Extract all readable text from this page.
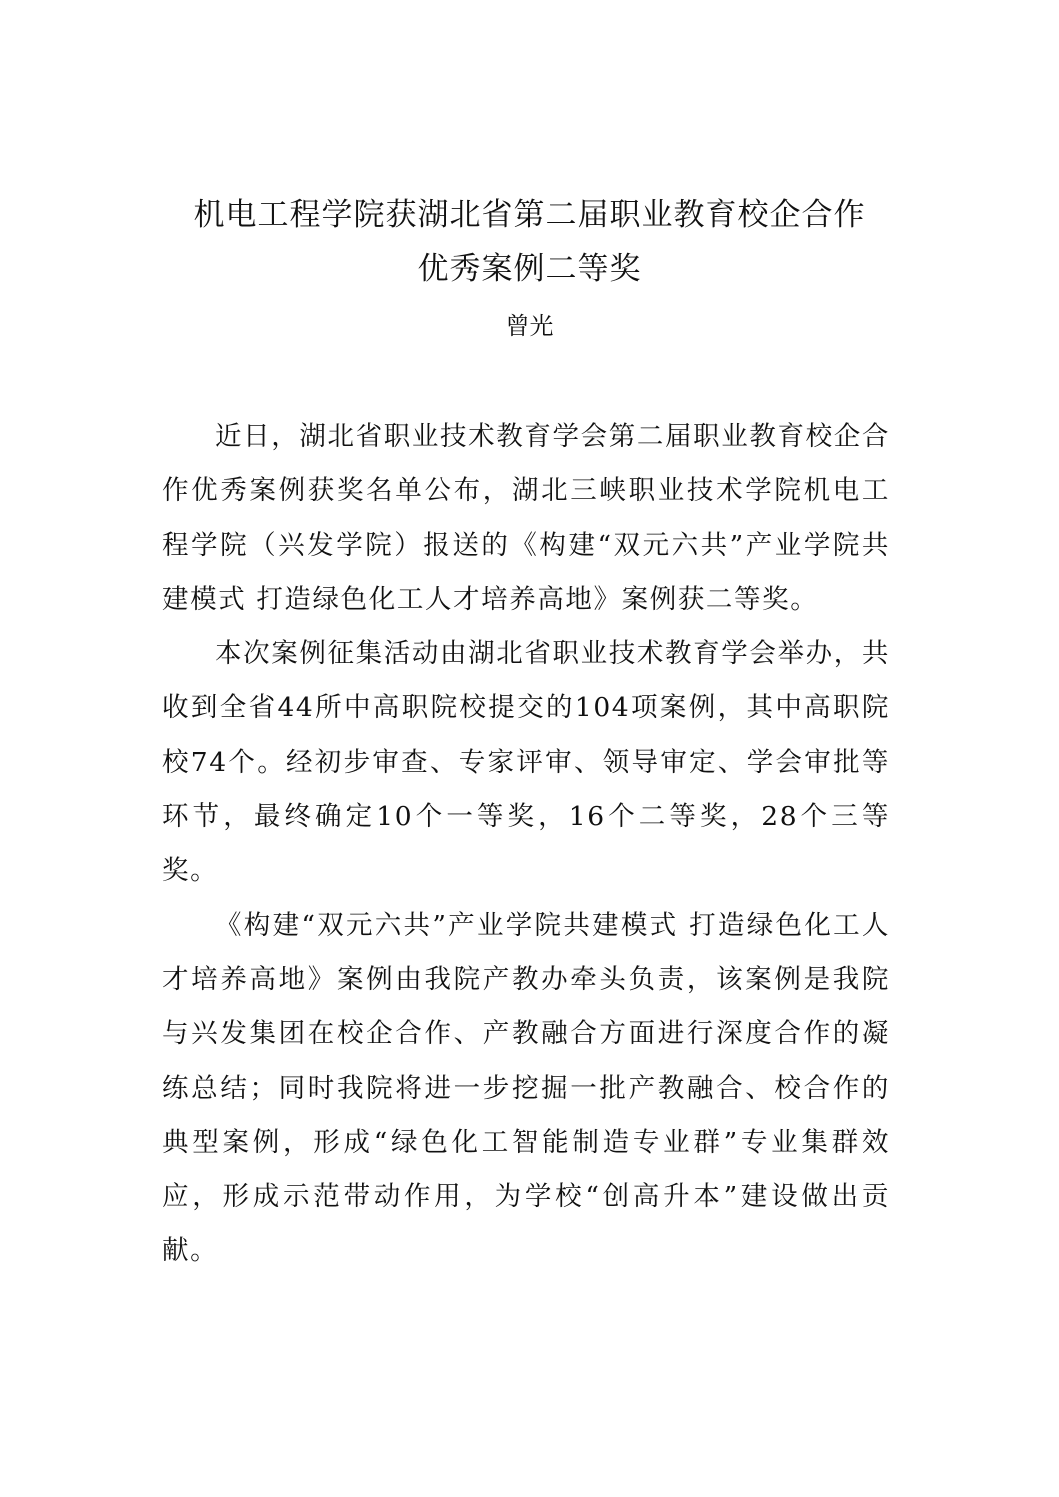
机电工程学院获湖北省第二届职业教育校企合作
优秀案例二等奖

曾光

近日，湖北省职业技术教育学会第二届职业教育校企合作优秀案例获奖名单公布，湖北三峡职业技术学院机电工程学院（兴发学院）报送的《构建“双元六共”产业学院共建模式 打造绿色化工人才培养高地》案例获二等奖。

本次案例征集活动由湖北省职业技术教育学会举办，共收到全省44所中高职院校提交的104项案例，其中高职院校74个。经初步审查、专家评审、领导审定、学会审批等环节，最终确定10个一等奖，16个二等奖，28个三等奖。

《构建“双元六共”产业学院共建模式 打造绿色化工人才培养高地》案例由我院产教办牵头负责，该案例是我院与兴发集团在校企合作、产教融合方面进行深度合作的凝练总结；同时我院将进一步挖掘一批产教融合、校合作的典型案例，形成“绿色化工智能制造专业群”专业集群效应，形成示范带动作用，为学校“创高升本”建设做出贡献。
